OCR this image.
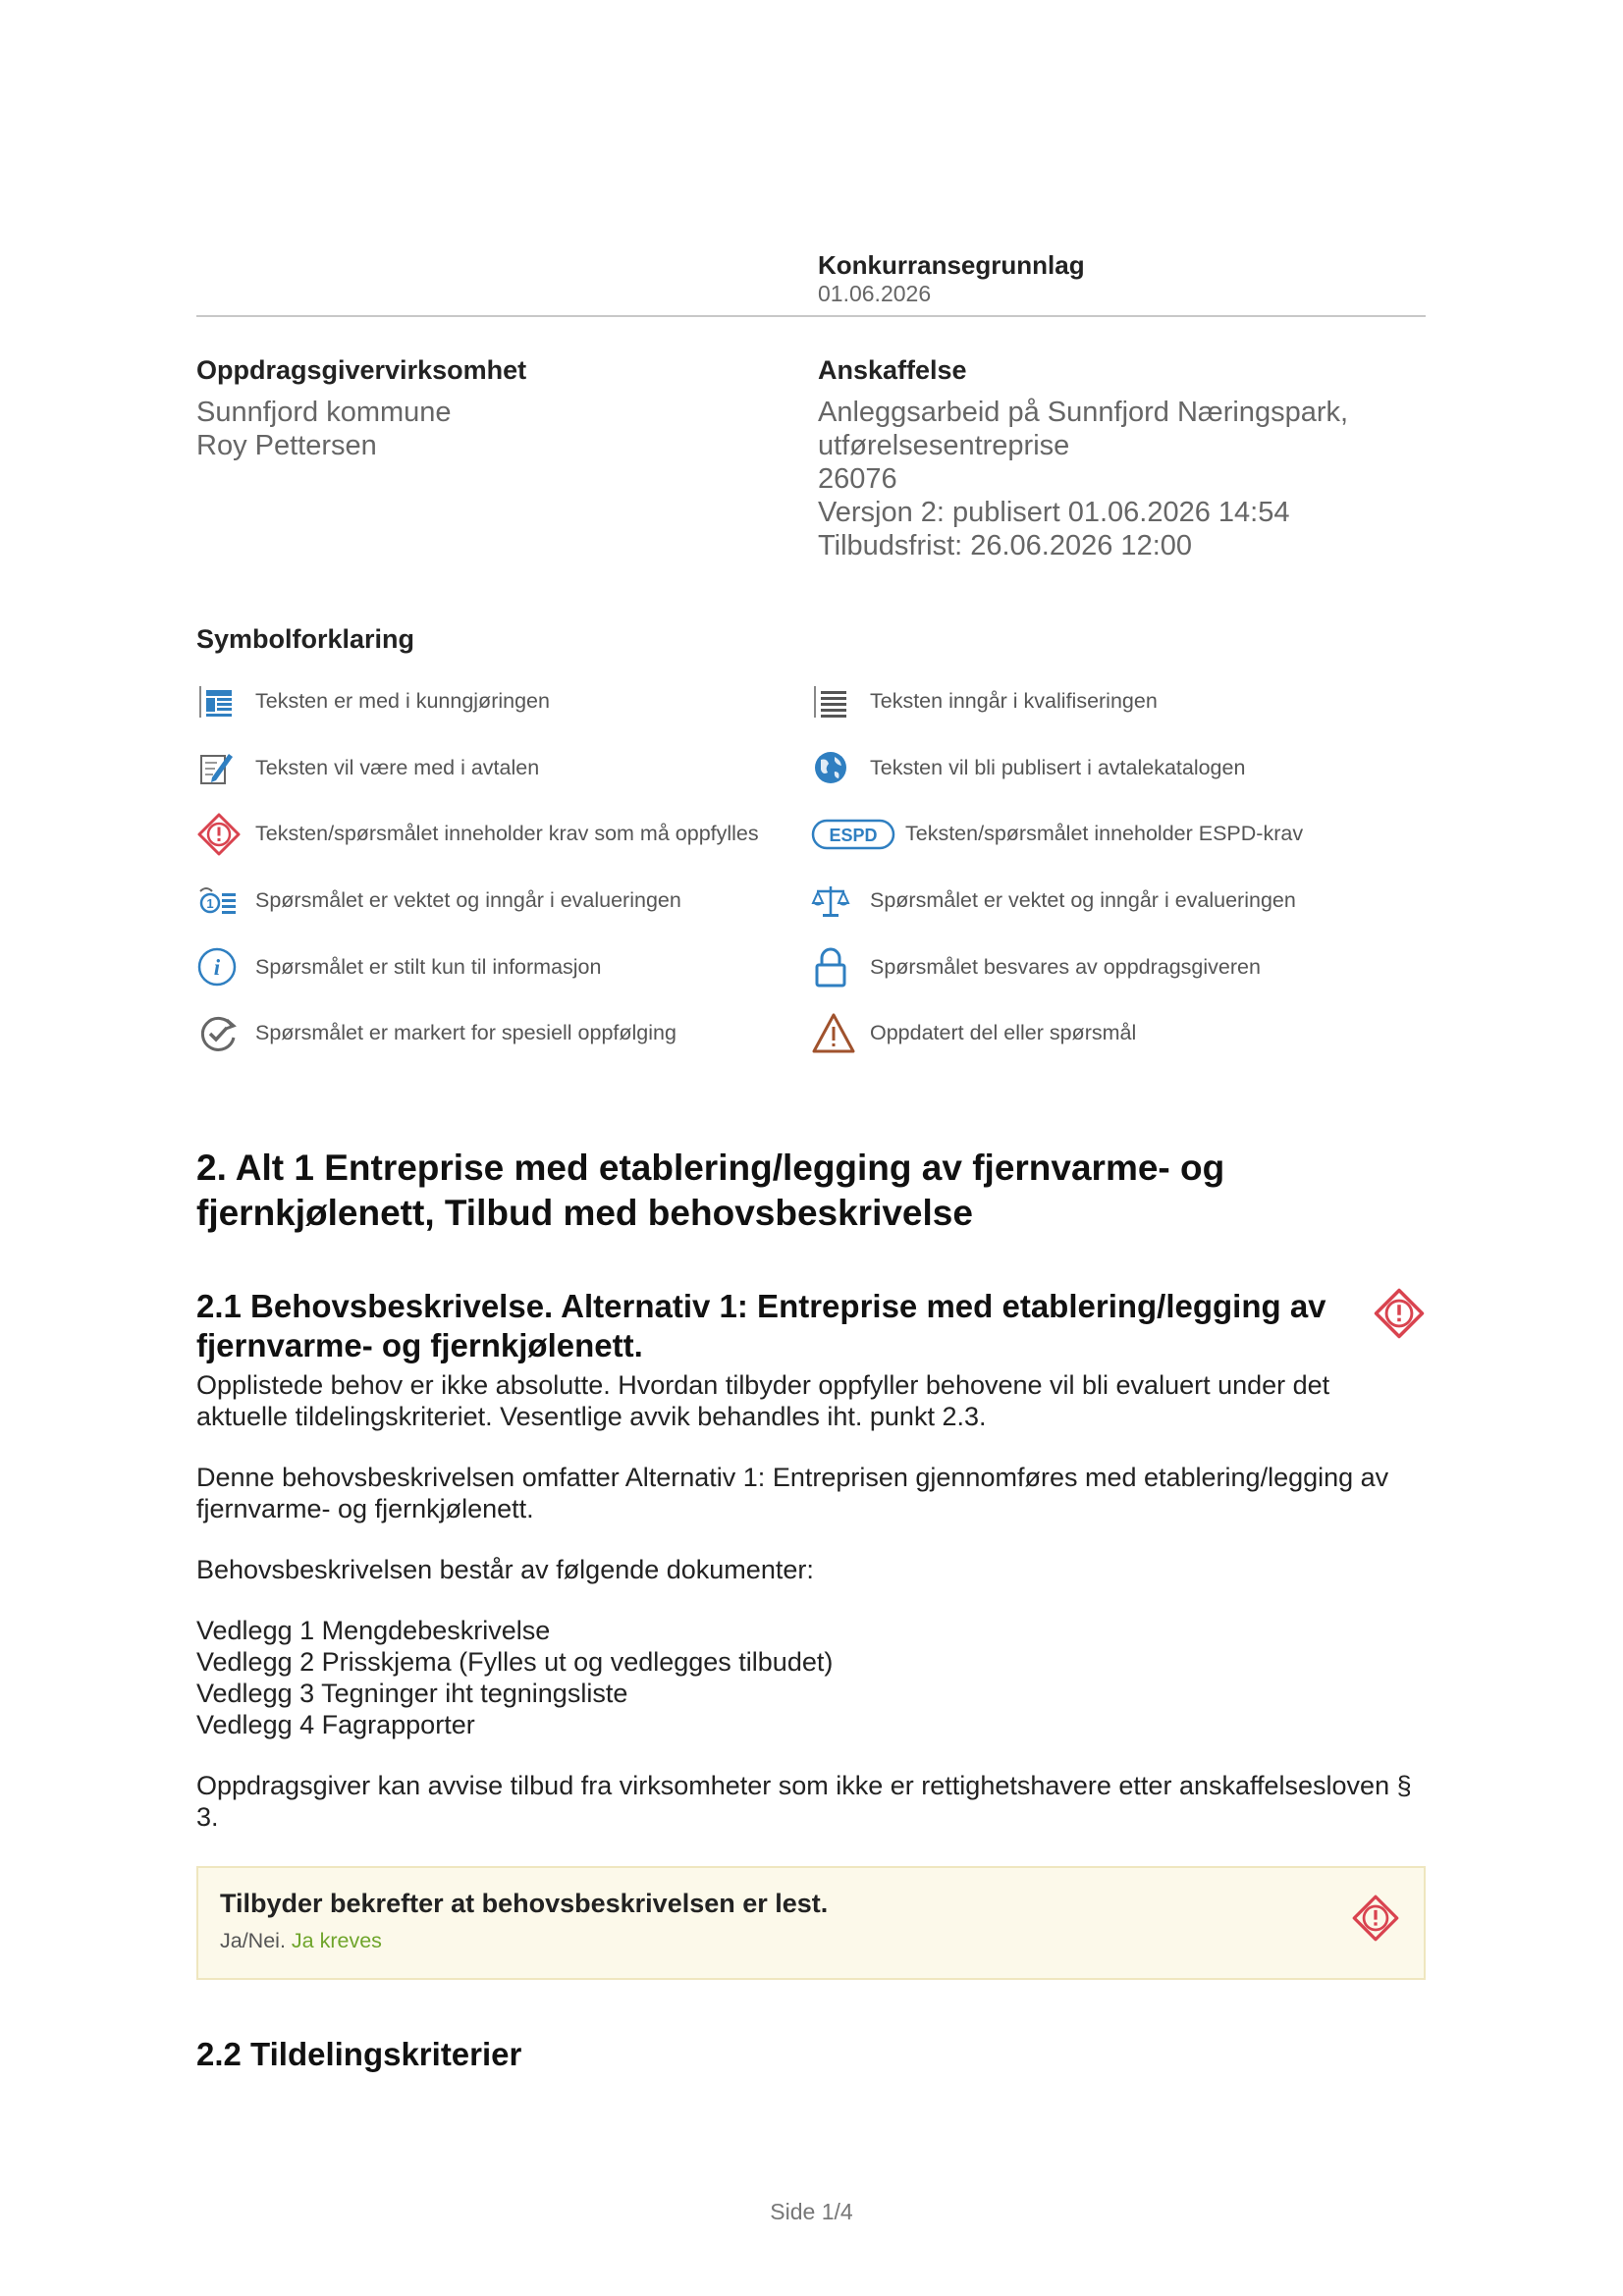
Konkurransegrunnlag
01.06.2026
Oppdragsgivervirksomhet
Sunnfjord kommune
Roy Pettersen
Anskaffelse
Anleggsarbeid på Sunnfjord Næringspark,
utførelsesentreprise
26076
Versjon 2: publisert 01.06.2026 14:54
Tilbudsfrist: 26.06.2026 12:00
Symbolforklaring
Teksten er med i kunngjøringen	Teksten inngår i kvalifiseringen
Teksten vil være med i avtalen	Teksten vil bli publisert i avtalekatalogen
Teksten/spørsmålet inneholder krav som må oppfylles	ESPD Teksten/spørsmålet inneholder ESPD-krav
1 Spørsmålet er vektet og inngår i evalueringen	Spørsmålet er vektet og inngår i evalueringen
i Spørsmålet er stilt kun til informasjon	Spørsmålet besvares av oppdragsgiveren
Spørsmålet er markert for spesiell oppfølging	Oppdatert del eller spørsmål
2. Alt 1 Entreprise med etablering/legging av fjernvarme- og fjernkjølenett, Tilbud med behovsbeskrivelse
2.1 Behovsbeskrivelse. Alternativ 1: Entreprise med etablering/legging av fjernvarme- og fjernkjølenett.

Opplistede behov er ikke absolutte. Hvordan tilbyder oppfyller behovene vil bli evaluert under det aktuelle tildelingskriteriet. Vesentlige avvik behandles iht. punkt 2.3.

Denne behovsbeskrivelsen omfatter Alternativ 1: Entreprisen gjennomføres med etablering/legging av fjernvarme- og fjernkjølenett.

Behovsbeskrivelsen består av følgende dokumenter:

Vedlegg 1 Mengdebeskrivelse

Vedlegg 2 Prisskjema (Fylles ut og vedlegges tilbudet)

Vedlegg 3 Tegninger iht tegningsliste

Vedlegg 4 Fagrapporter

Oppdragsgiver kan avvise tilbud fra virksomheter som ikke er rettighetshavere etter anskaffelsesloven § 3.

Tilbyder bekrefter at behovsbeskrivelsen er lest.
Ja/Nei. Ja kreves
2.2 Tildelingskriterier
Side 1/4
